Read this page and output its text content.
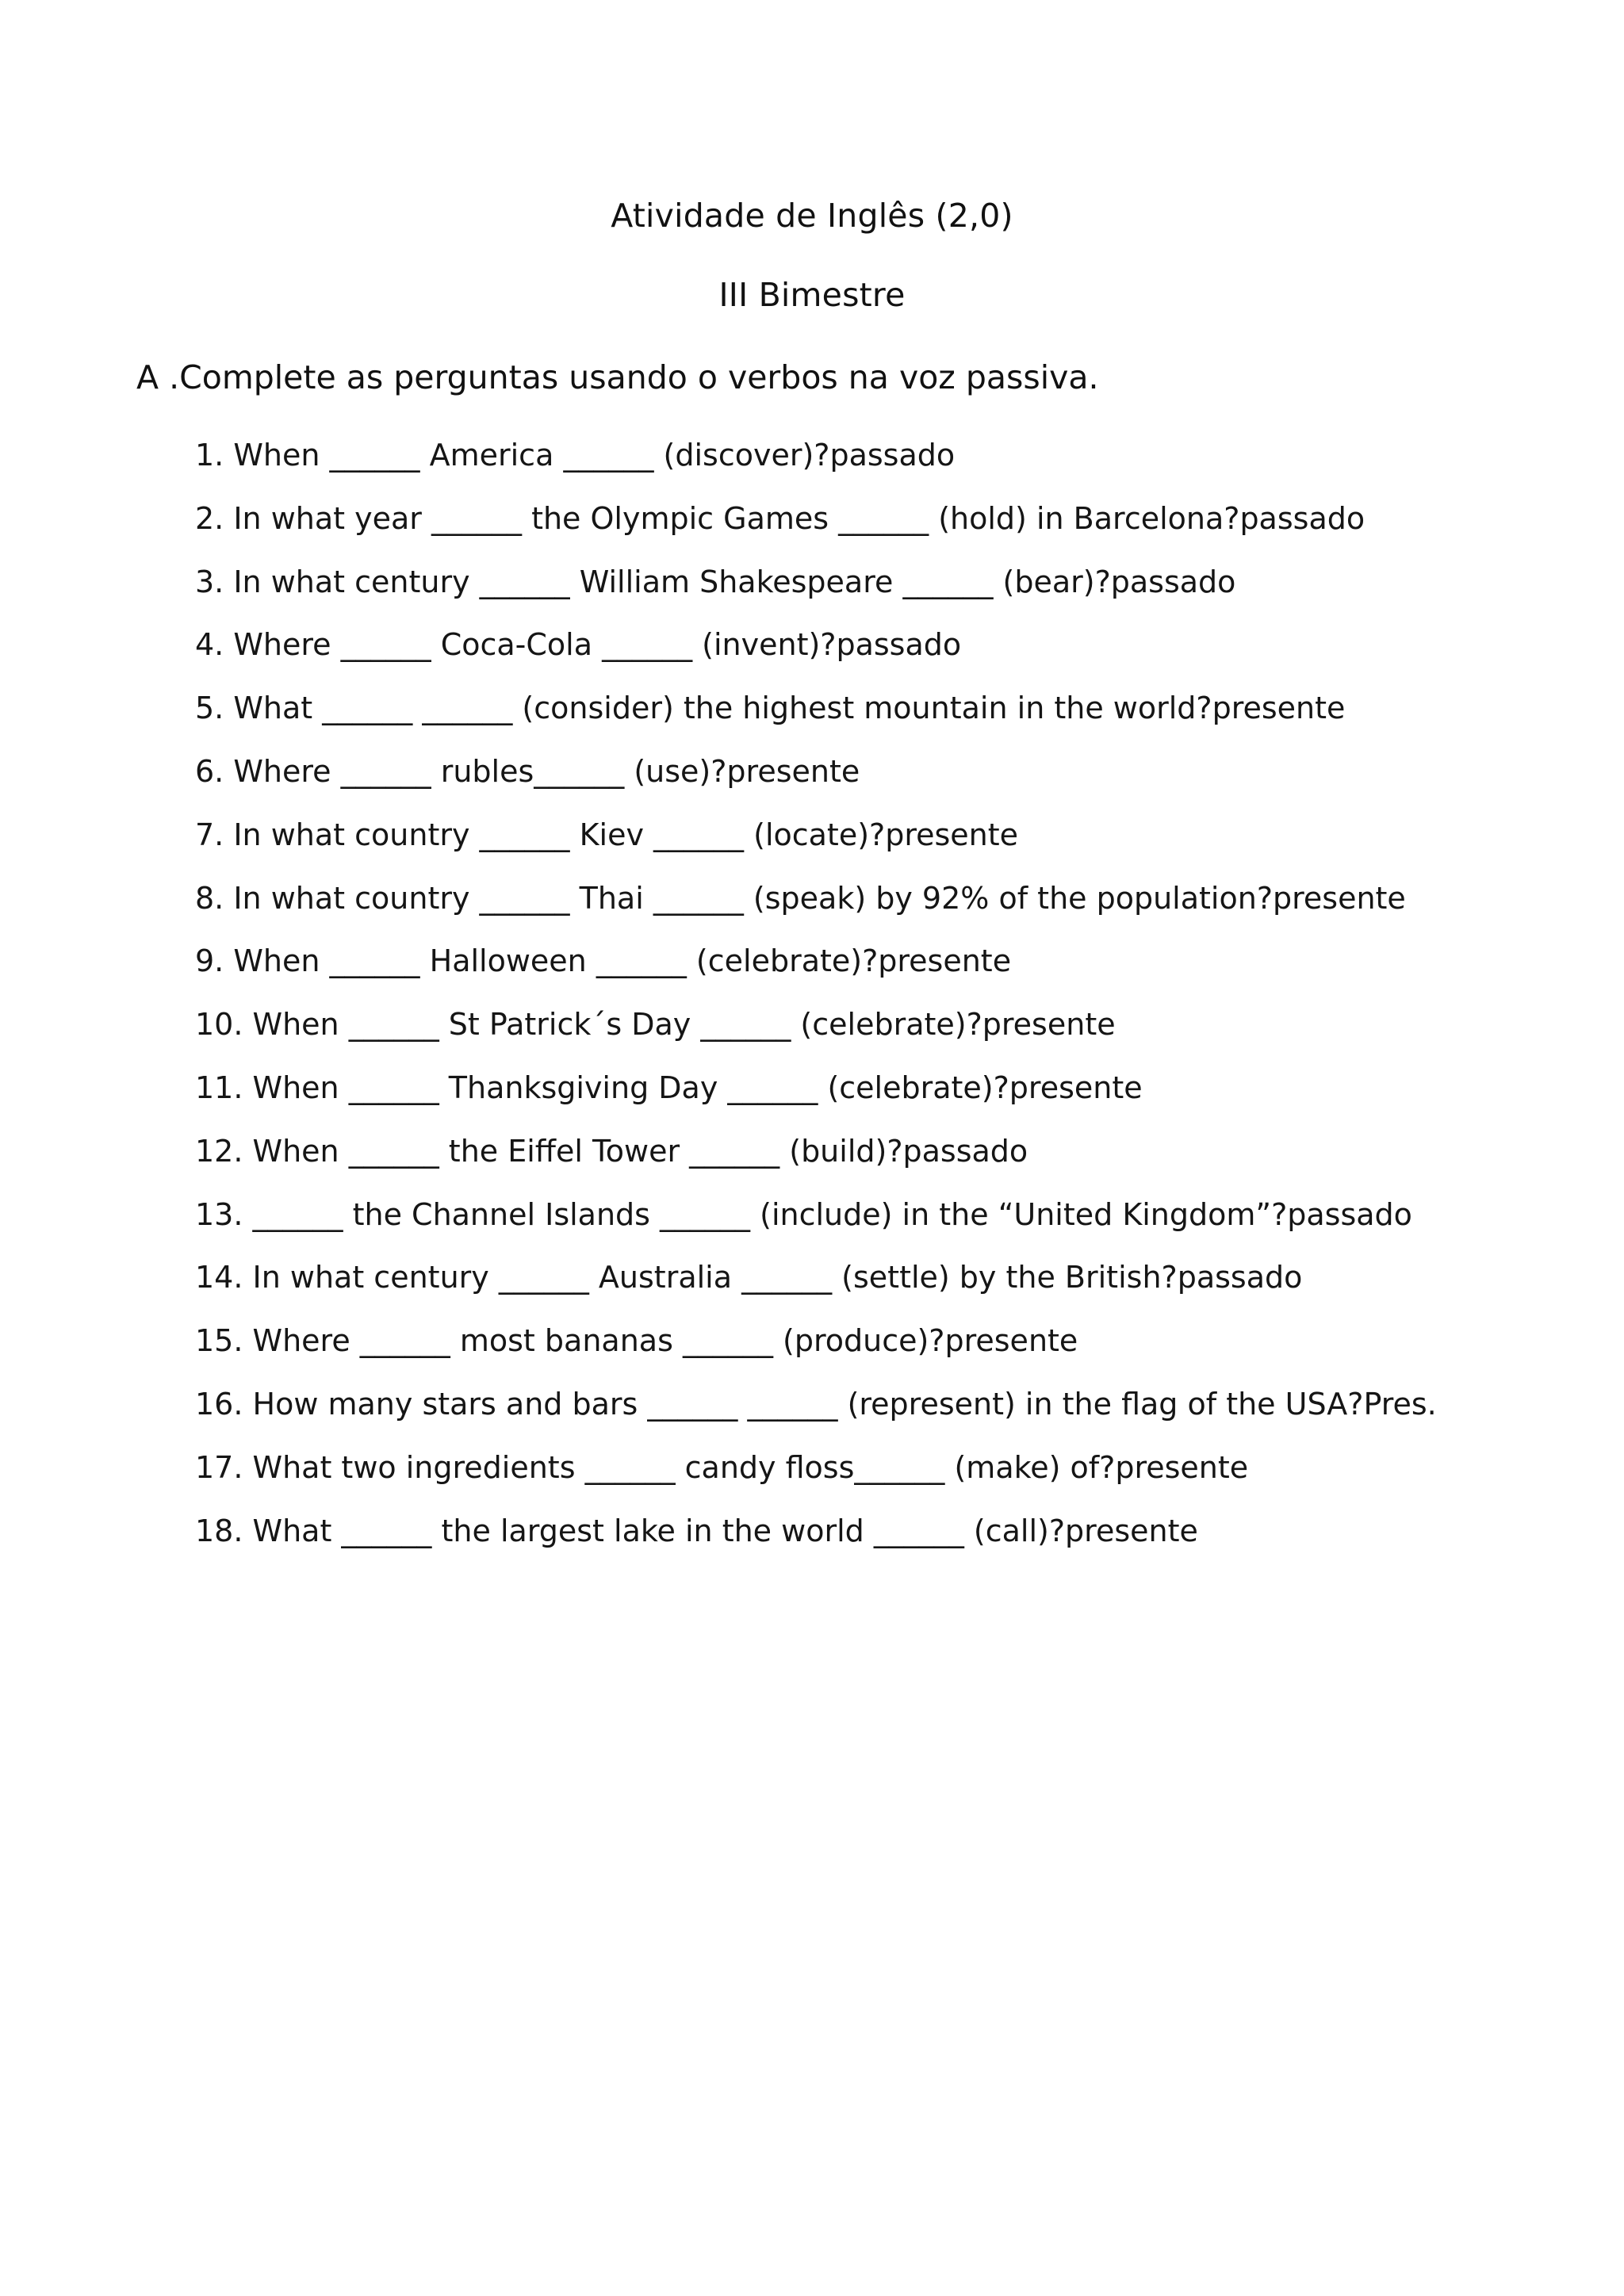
Atividade de Inglês (2,0)
III Bimestre
A .Complete as perguntas usando o verbos na voz passiva.
1. When ______ America ______ (discover)?passado
2. In what year ______ the Olympic Games ______ (hold) in Barcelona?passado
3. In what century ______ William Shakespeare ______ (bear)?passado
4. Where ______ Coca-Cola ______ (invent)?passado
5. What ______ ______ (consider) the highest mountain in the world?presente
6. Where ______ rubles______ (use)?presente
7. In what country ______ Kiev ______ (locate)?presente
8. In what country ______ Thai ______ (speak) by 92% of the population?presente
9. When ______ Halloween ______ (celebrate)?presente
10. When ______ St Patrick´s Day ______ (celebrate)?presente
11. When ______ Thanksgiving Day ______ (celebrate)?presente
12. When ______ the Eiffel Tower ______ (build)?passado
13. ______ the Channel Islands ______ (include) in the “United Kingdom”?passado
14. In what century ______ Australia ______ (settle) by the British?passado
15. Where ______ most bananas ______ (produce)?presente
16. How many stars and bars ______ ______ (represent) in the flag of the USA?Pres.
17. What two ingredients ______ candy floss______ (make) of?presente
18. What ______ the largest lake in the world ______ (call)?presente
